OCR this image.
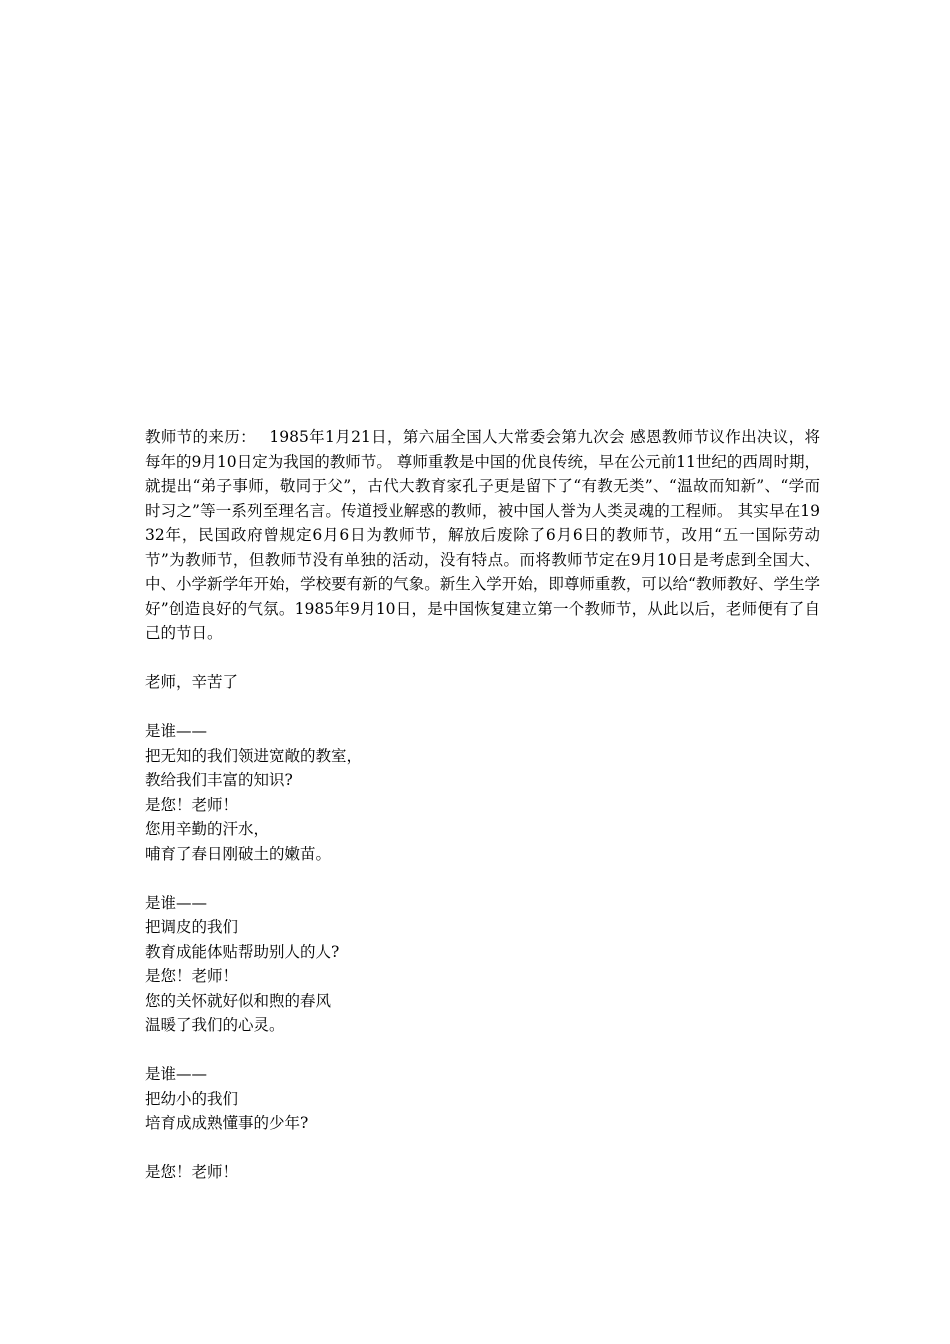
教师节的来历：　 1985年1月21日，第六届全国人大常委会第九次会 感恩教师节议作出决议，将每年的9月10日定为我国的教师节。 尊师重教是中国的优良传统，早在公元前11世纪的西周时期，就提出“弟子事师，敬同于父”，古代大教育家孔子更是留下了“有教无类”、“温故而知新”、“学而时习之”等一系列至理名言。传道授业解惑的教师，被中国人誉为人类灵魂的工程师。 其实早在1932年，民国政府曾规定6月6日为教师节，解放后废除了6月6日的教师节，改用“五一国际劳动节”为教师节，但教师节没有单独的活动，没有特点。而将教师节定在9月10日是考虑到全国大、中、小学新学年开始，学校要有新的气象。新生入学开始，即尊师重教，可以给“教师教好、学生学好”创造良好的气氛。1985年9月10日，是中国恢复建立第一个教师节，从此以后，老师便有了自己的节日。

老师，辛苦了

是谁——
把无知的我们领进宽敞的教室，
教给我们丰富的知识?
是您！老师！
您用辛勤的汗水，
哺育了春日刚破土的嫩苗。
是谁——
把调皮的我们
教育成能体贴帮助别人的人?
是您！老师！
您的关怀就好似和煦的春风
温暖了我们的心灵。
是谁——
把幼小的我们
培育成成熟懂事的少年?
是您！老师！
